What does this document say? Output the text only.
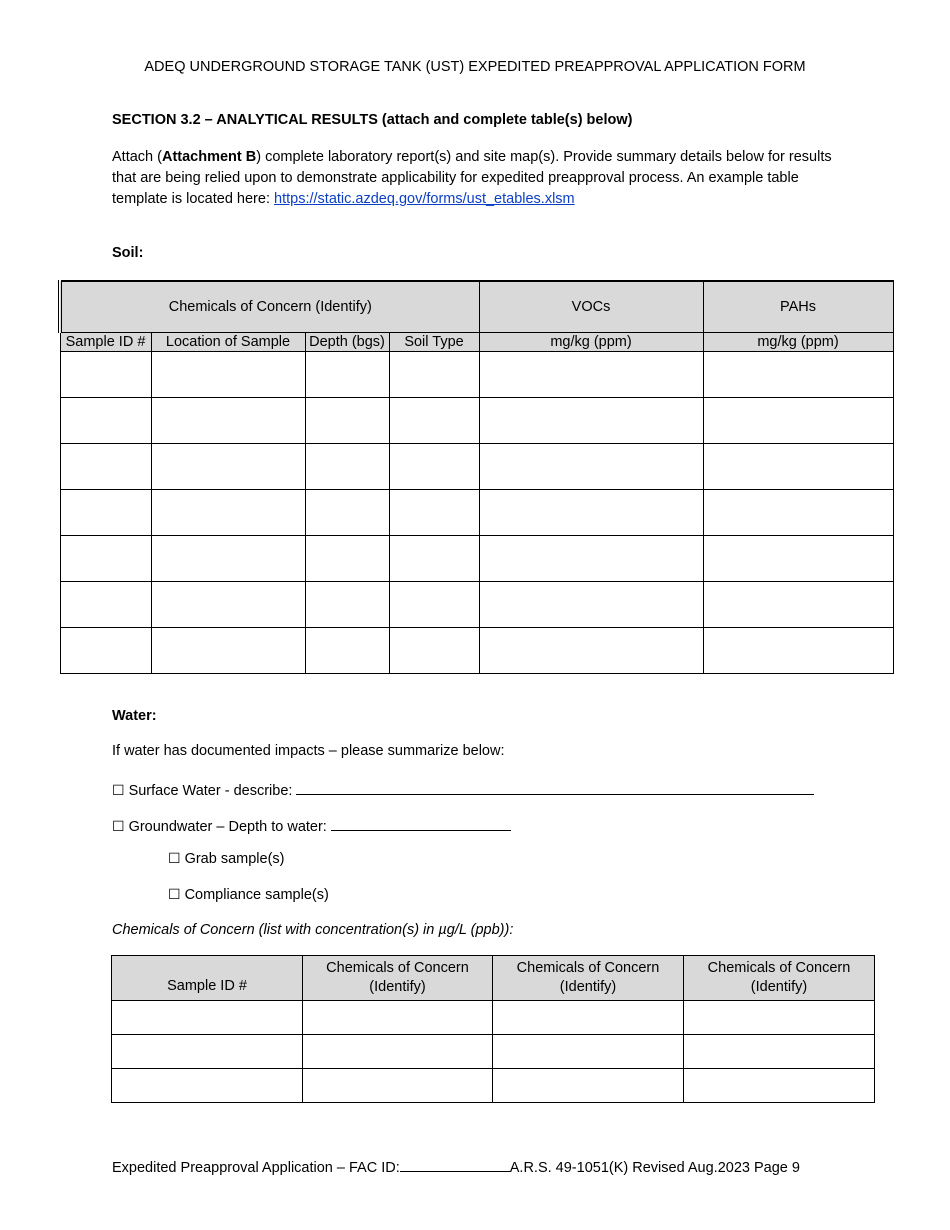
ADEQ UNDERGROUND STORAGE TANK (UST) EXPEDITED PREAPPROVAL APPLICATION FORM
SECTION 3.2 – ANALYTICAL RESULTS (attach and complete table(s) below)
Attach (Attachment B) complete laboratory report(s) and site map(s). Provide summary details below for results that are being relied upon to demonstrate applicability for expedited preapproval process. An example table template is located here: https://static.azdeq.gov/forms/ust_etables.xlsm
Soil:
Chemicals of Concern (Identify)				VOCs	PAHs
Sample ID #	Location of Sample	Depth (bgs)	Soil Type	mg/kg (ppm)	mg/kg (ppm)

Water:
If water has documented impacts – please summarize below:
☐ Surface Water - describe:
☐ Groundwater – Depth to water:
☐ Grab sample(s)
☐ Compliance sample(s)
Chemicals of Concern (list with concentration(s) in µg/L (ppb)):
Sample ID #	Chemicals of Concern (Identify)	Chemicals of Concern (Identify)	Chemicals of Concern (Identify)

Expedited Preapproval Application – FAC ID:	A.R.S. 49-1051(K) Revised Aug.2023 Page 9
